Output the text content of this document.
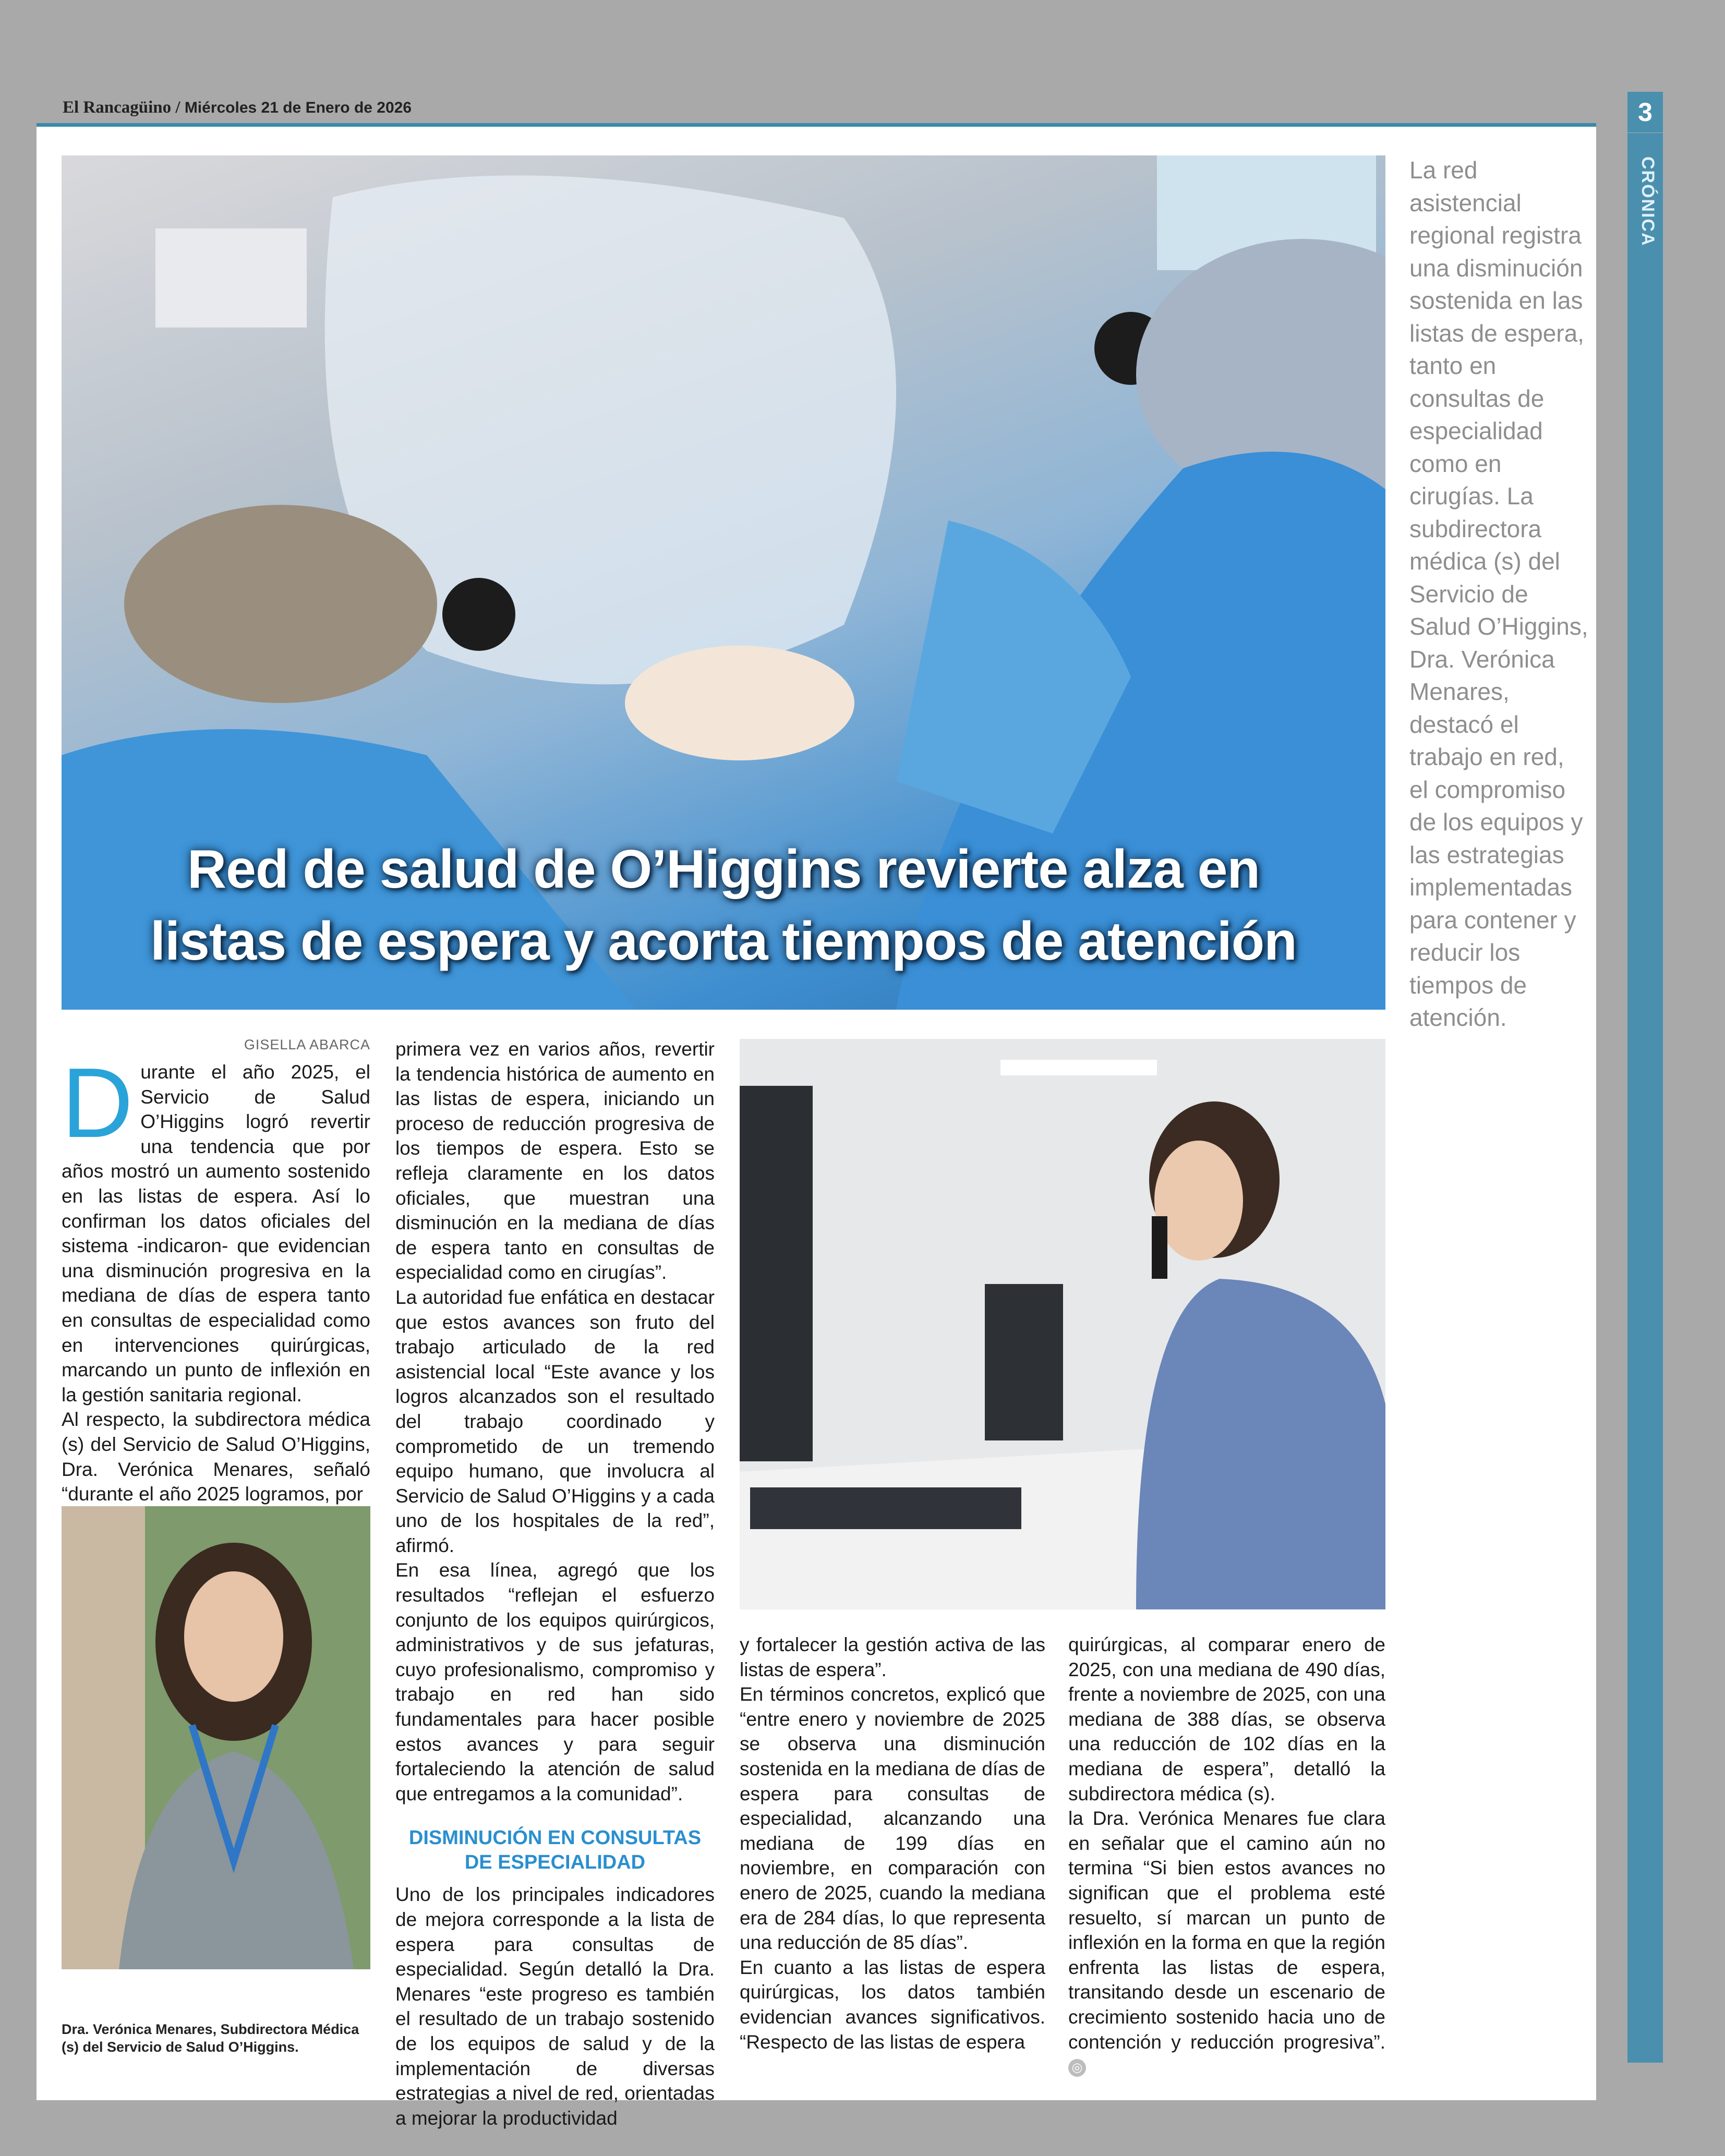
El Rancagüino / Miércoles 21 de Enero de 2026	3
CRÓNICA
Red de salud de O’Higgins revierte alza en
listas de espera y acorta tiempos de atención
La red asistencial regional registra una disminución sostenida en las listas de espera, tanto en consultas de especialidad como en cirugías. La subdirectora médica (s) del Servicio de Salud O’Higgins, Dra. Verónica Menares, destacó el trabajo en red, el compromiso de los equipos y las estrategias implementadas para contener y reducir los tiempos de atención.
GISELLA ABARCA

Durante el año 2025, el Servicio de Salud O’Higgins logró revertir una tendencia que por años mostró un aumento sostenido en las listas de espera. Así lo confirman los datos oficiales del sistema -indicaron- que evidencian una disminución progresiva en la mediana de días de espera tanto en consultas de especialidad como en intervenciones quirúrgicas, marcando un punto de inflexión en la gestión sanitaria regional.

Al respecto, la subdirectora médica (s) del Servicio de Salud O’Higgins, Dra. Verónica Menares, señaló “durante el año 2025 logramos, por

Dra. Verónica Menares, Subdirectora Médica (s) del Servicio de Salud O’Higgins.

primera vez en varios años, revertir la tendencia histórica de aumento en las listas de espera, iniciando un proceso de reducción progresiva de los tiempos de espera. Esto se refleja claramente en los datos oficiales, que muestran una disminución en la mediana de días de espera tanto en consultas de especialidad como en cirugías”.

La autoridad fue enfática en destacar que estos avances son fruto del trabajo articulado de la red asistencial local “Este avance y los logros alcanzados son el resultado del trabajo coordinado y comprometido de un tremendo equipo humano, que involucra al Servicio de Salud O’Higgins y a cada uno de los hospitales de la red”, afirmó.

En esa línea, agregó que los resultados “reflejan el esfuerzo conjunto de los equipos quirúrgicos, administrativos y de sus jefaturas, cuyo profesionalismo, compromiso y trabajo en red han sido fundamentales para hacer posible estos avances y para seguir fortaleciendo la atención de salud que entregamos a la comunidad”.

DISMINUCIÓN EN CONSULTAS DE ESPECIALIDAD

Uno de los principales indicadores de mejora corresponde a la lista de espera para consultas de especialidad. Según detalló la Dra. Menares “este progreso es también el resultado de un trabajo sostenido de los equipos de salud y de la implementación de diversas estrategias a nivel de red, orientadas a mejorar la productividad

y fortalecer la gestión activa de las listas de espera”.

En términos concretos, explicó que “entre enero y noviembre de 2025 se observa una disminución sostenida en la mediana de días de espera para consultas de especialidad, alcanzando una mediana de 199 días en noviembre, en comparación con enero de 2025, cuando la mediana era de 284 días, lo que representa una reducción de 85 días”.

En cuanto a las listas de espera quirúrgicas, los datos también evidencian avances significativos. “Respecto de las listas de espera

quirúrgicas, al comparar enero de 2025, con una mediana de 490 días, frente a noviembre de 2025, con una mediana de 388 días, se observa una reducción de 102 días en la mediana de espera”, detalló la subdirectora médica (s).

la Dra. Verónica Menares fue clara en señalar que el camino aún no termina “Si bien estos avances no significan que el problema esté resuelto, sí marcan un punto de inflexión en la forma en que la región enfrenta las listas de espera, transitando desde un escenario de crecimiento sostenido hacia uno de contención y reducción progresiva”. ◎
